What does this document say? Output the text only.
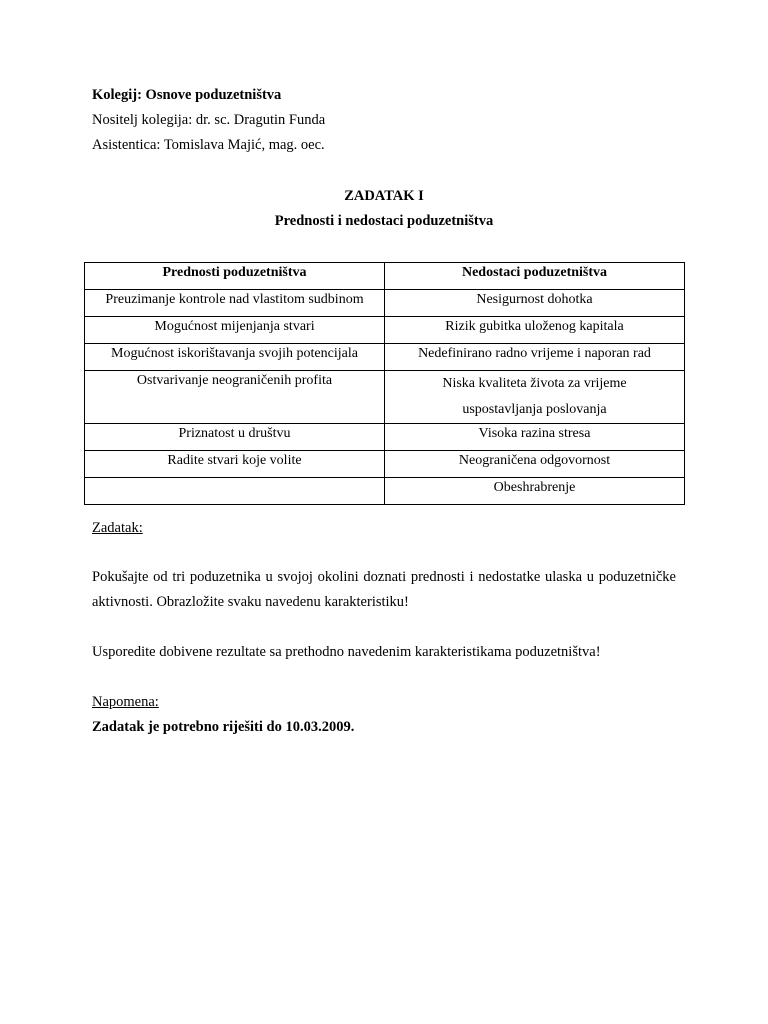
Kolegij: Osnove poduzetništva
Nositelj kolegija: dr. sc. Dragutin Funda
Asistentica: Tomislava Majić, mag. oec.
ZADATAK I
Prednosti i nedostaci poduzetništva
Prednosti poduzetništva	Nedostaci poduzetništva
Preuzimanje kontrole nad vlastitom sudbinom	Nesigurnost dohotka
Mogućnost mijenjanja stvari	Rizik gubitka uloženog kapitala
Mogućnost iskorištavanja svojih potencijala	Nedefinirano radno vrijeme i naporan rad
Ostvarivanje neograničenih profita	Niska kvaliteta života za vrijeme uspostavljanja poslovanja
Priznatost u društvu	Visoka razina stresa
Radite stvari koje volite	Neograničena odgovornost
	Obeshrabrenje
Zadatak:
Pokušajte od tri poduzetnika u svojoj okolini doznati prednosti i nedostatke ulaska u poduzetničke aktivnosti. Obrazložite svaku navedenu karakteristiku!
Usporedite dobivene rezultate sa prethodno navedenim karakteristikama poduzetništva!
Napomena:
Zadatak je potrebno riješiti do 10.03.2009.
